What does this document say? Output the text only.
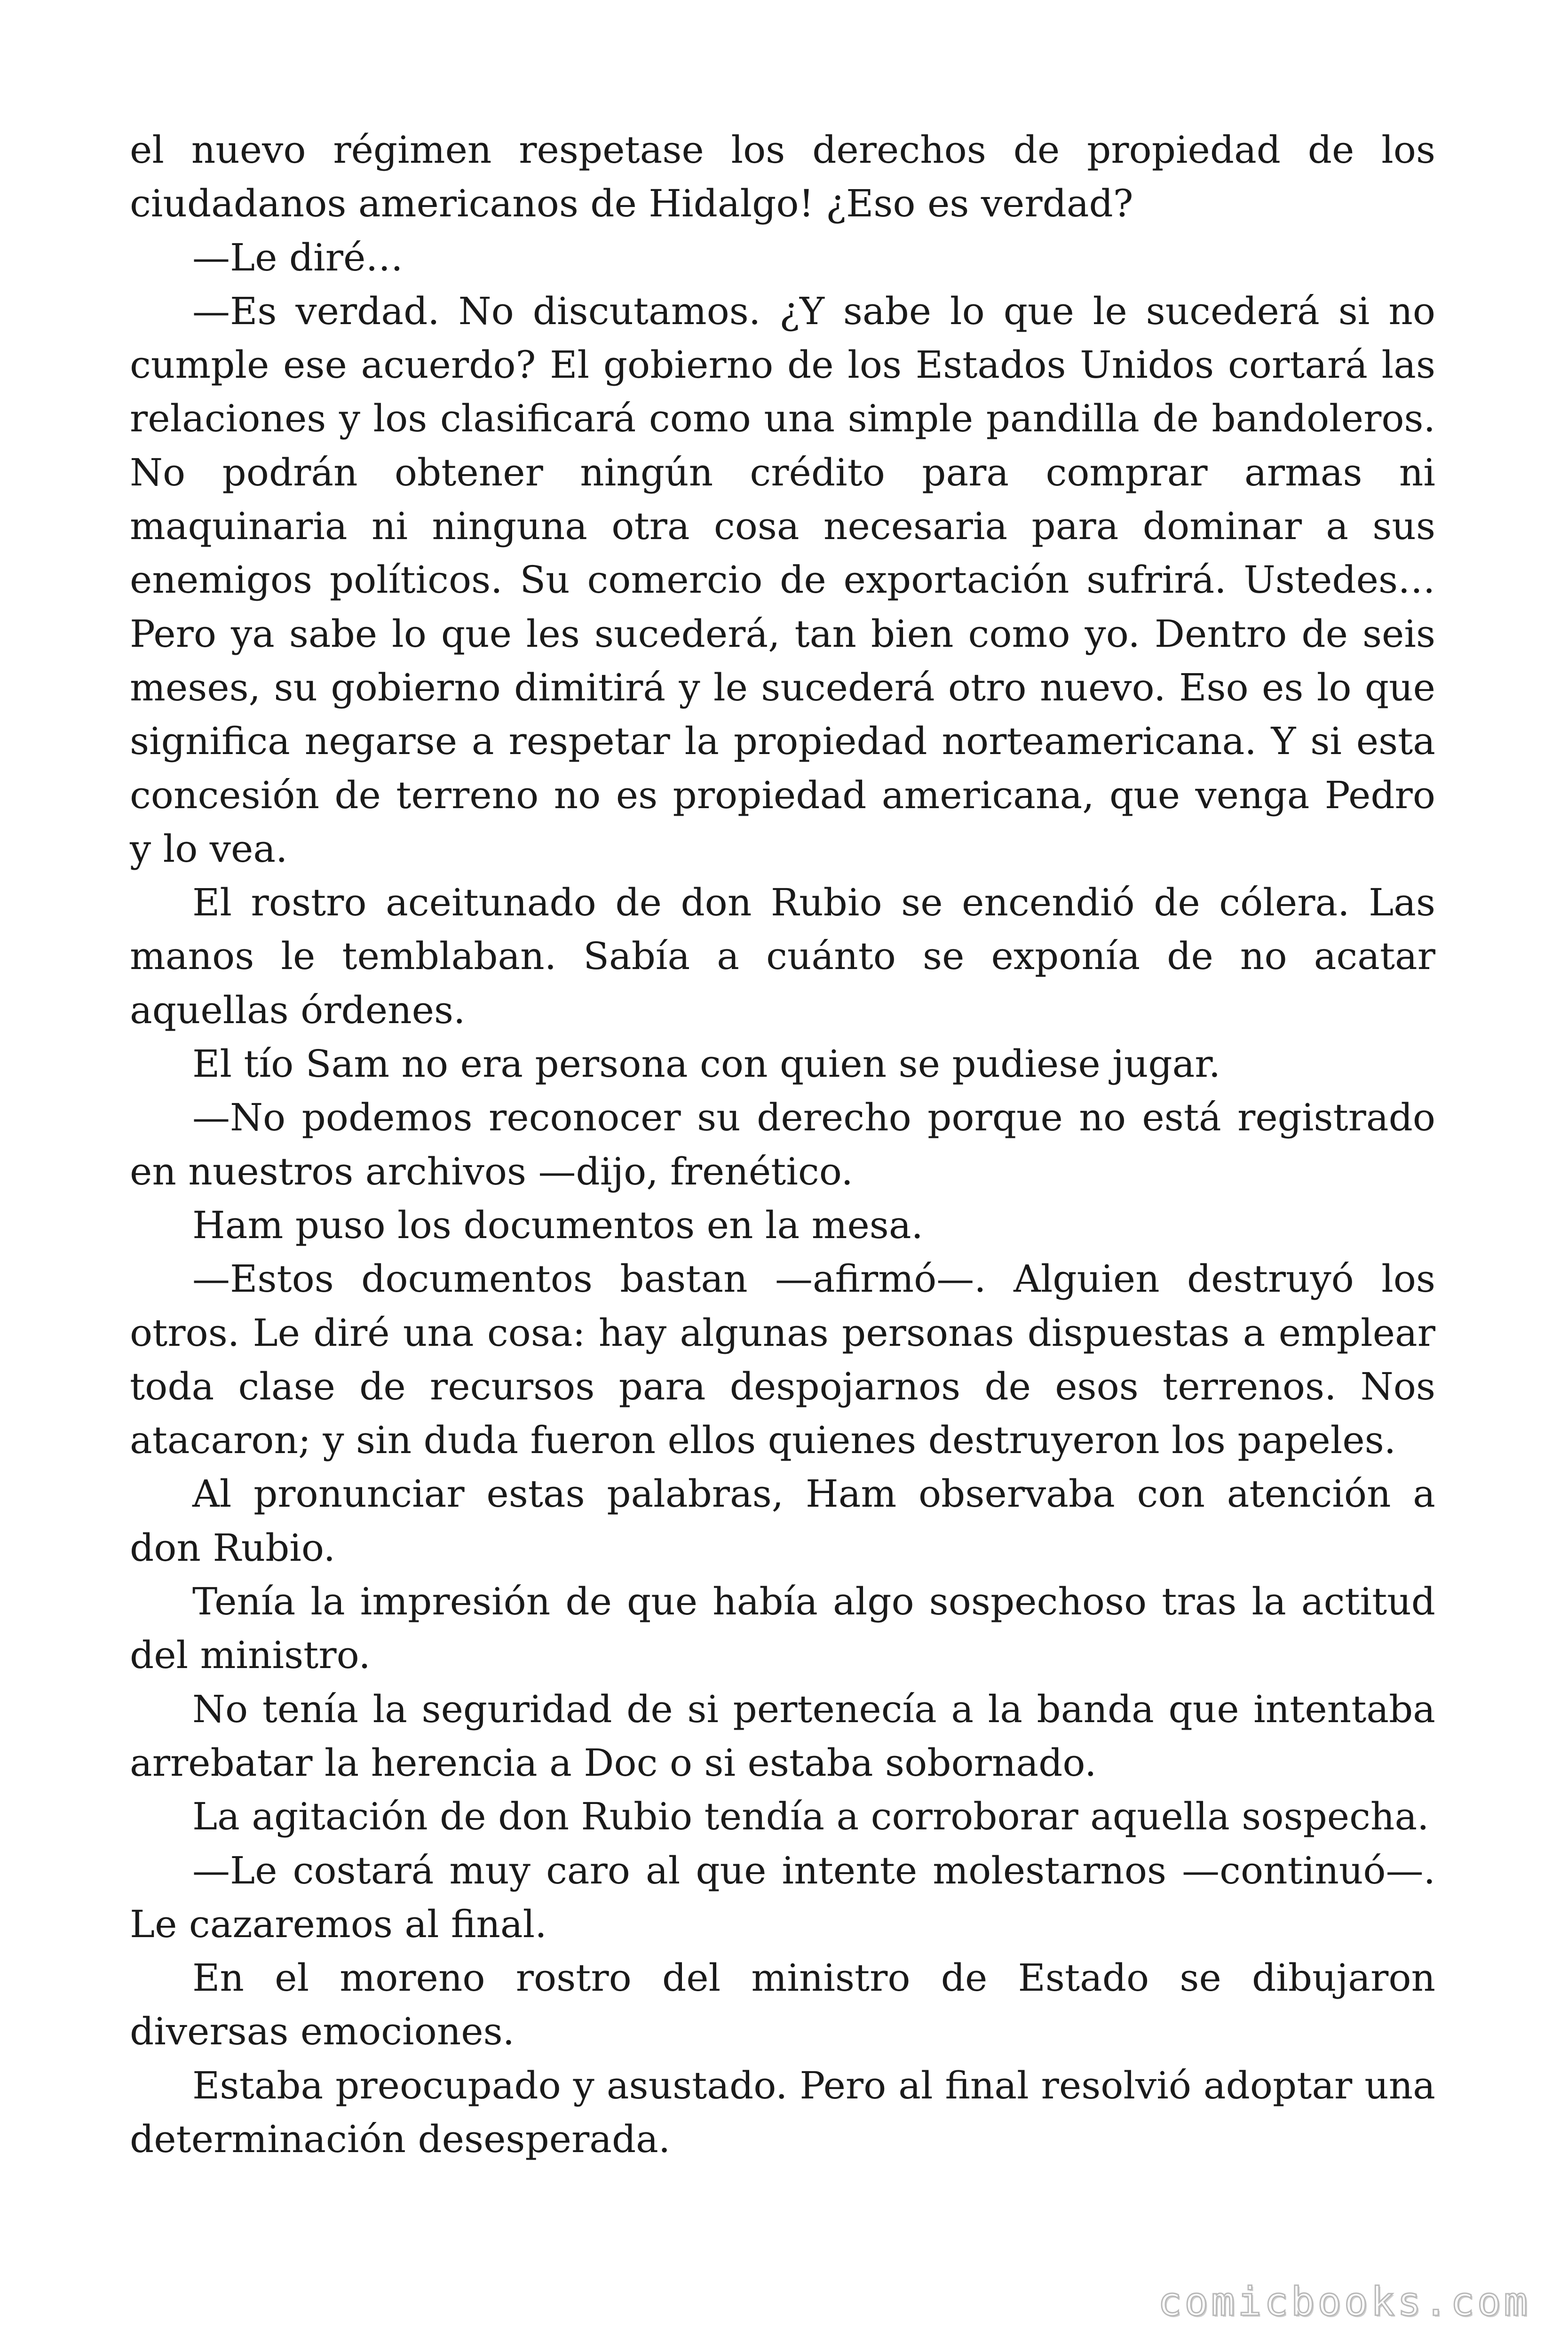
el nuevo régimen respetase los derechos de propiedad de los ciudadanos americanos de Hidalgo! ¿Eso es verdad?

—Le diré…

—Es verdad. No discutamos. ¿Y sabe lo que le sucederá si no cumple ese acuerdo? El gobierno de los Estados Unidos cortará las relaciones y los clasificará como una simple pandilla de bandoleros. No podrán obtener ningún crédito para comprar armas ni maquinaria ni ninguna otra cosa necesaria para dominar a sus enemigos políticos. Su comercio de exportación sufrirá. Ustedes… Pero ya sabe lo que les sucederá, tan bien como yo. Dentro de seis meses, su gobierno dimitirá y le sucederá otro nuevo. Eso es lo que significa negarse a respetar la propiedad norteamericana. Y si esta concesión de terreno no es propiedad americana, que venga Pedro y lo vea.

El rostro aceitunado de don Rubio se encendió de cólera. Las manos le temblaban. Sabía a cuánto se exponía de no acatar aquellas órdenes.

El tío Sam no era persona con quien se pudiese jugar.

—No podemos reconocer su derecho porque no está registrado en nuestros archivos —dijo, frenético.

Ham puso los documentos en la mesa.

—Estos documentos bastan —afirmó—. Alguien destruyó los otros. Le diré una cosa: hay algunas personas dispuestas a emplear toda clase de recursos para despojarnos de esos terrenos. Nos atacaron; y sin duda fueron ellos quienes destruyeron los papeles.

Al pronunciar estas palabras, Ham observaba con atención a don Rubio.

Tenía la impresión de que había algo sospechoso tras la actitud del ministro.

No tenía la seguridad de si pertenecía a la banda que intentaba arrebatar la herencia a Doc o si estaba sobornado.

La agitación de don Rubio tendía a corroborar aquella sospecha.

—Le costará muy caro al que intente molestarnos —continuó—. Le cazaremos al final.

En el moreno rostro del ministro de Estado se dibujaron diversas emociones.

Estaba preocupado y asustado. Pero al final resolvió adoptar una determinación desesperada.

comicbooks.com
